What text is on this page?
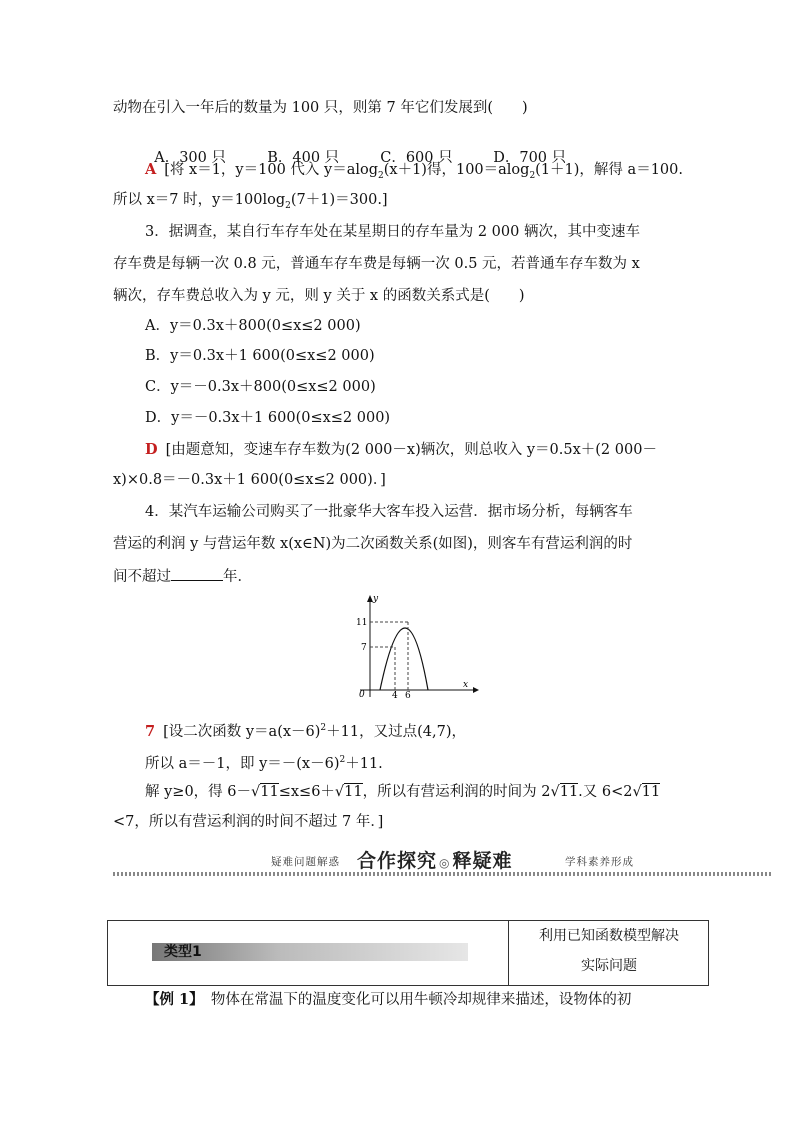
动物在引入一年后的数量为 100 只，则第 7 年它们发展到(　　)

A．300 只	B．400 只	C．600 只	D．700 只

A [将 x＝1，y＝100 代入 y＝alog$_2$(x＋1)得，100＝alog$_2$(1＋1)，解得 a＝100.
所以 x＝7 时，$y=100\log_2(7+1)=300$.]
3．据调查，某自行车存车处在某星期日的存车量为 2 000 辆次，其中变速车
存车费是每辆一次 0.8 元，普通车存车费是每辆一次 0.5 元，若普通车存车数为 x
辆次，存车费总收入为 y 元，则 y 关于 x 的函数关系式是(　　)
A．y＝0.3x＋800(0≤x≤2 000)
B．y＝0.3x＋1 600(0≤x≤2 000)
C．y＝－0.3x＋800(0≤x≤2 000)
D．y＝－0.3x＋1 600(0≤x≤2 000)
D [由题意知，变速车存车数为(2 000－x)辆次，则总收入 y＝0.5x＋(2 000－
x)×0.8＝－0.3x＋1 600(0≤x≤2 000)．]
4．某汽车运输公司购买了一批豪华大客车投入运营．据市场分析，每辆客车
营运的利润 y 与营运年数 x(x∈N)为二次函数关系(如图)，则客车有营运利润的时
间不超过	年．
y
x
0
11
7
4 6
7 [设二次函数 $y=a(x-6)^2+11$，又过点(4,7)，
所以 a＝－1，即 $y=-(x-6)^2+11$.
解 y≥0，得 6－√11≤x≤6＋√11，所以有营运利润的时间为 2√11.又 6<2√11
<7，所以有营运利润的时间不超过 7 年．]
疑难问题解惑 合作探究 ◎ 释疑难	学科素养形成
类型1
利用已知函数模型解决
实际问题
【例 1】　物体在常温下的温度变化可以用牛顿冷却规律来描述，设物体的初
